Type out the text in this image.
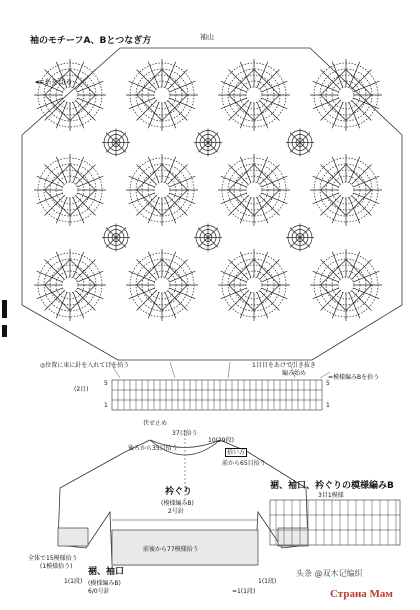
袖のモチーフA、Bとつなぎ方	袖山
◂=糸を切る
◎位置に束に針を入れて目を拾う	1目目をあけて引き抜き
編み始め
=模様編みBを拾う
5
1
5
1
(2目)
伏せ止め
37目拾う
後ろから35目拾う
10(29段)
拾い方
前から65目拾う
衿ぐり
(模様編みB)
2号針
前後から77模様拾う
全体で15模様拾う
(1模様拾う)
裾、袖口
(模様編みB)
6/0号針
1(1段)	1(1段)
=1(1段)
裾、袖口、衿ぐりの模様編みB
3目1模様
头条 @双木记编织
Страна Мам
